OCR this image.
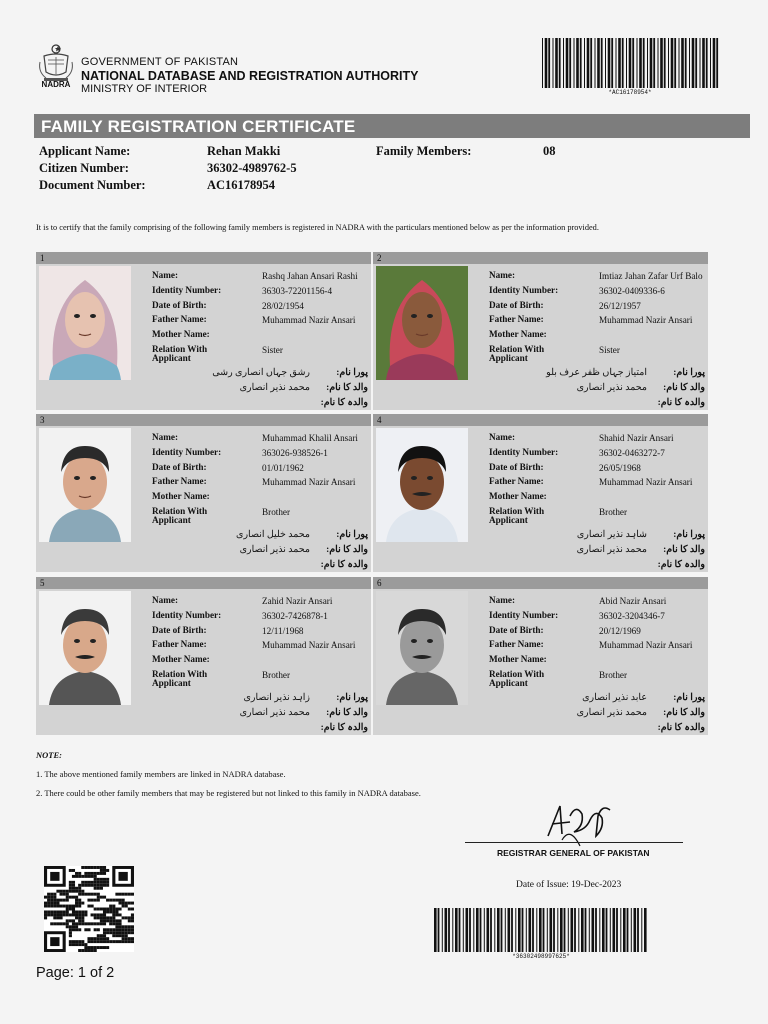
NADRA
GOVERNMENT OF PAKISTAN
NATIONAL DATABASE AND REGISTRATION AUTHORITY
MINISTRY OF INTERIOR	*AC16178954*
FAMILY REGISTRATION CERTIFICATE
Applicant Name:	Rehan Makki
Citizen Number:	36302-4989762-5
Document Number:	AC16178954
Family Members:	08
It is to certify that the family comprising of the following family members is registered in NADRA with the particulars mentioned below as per the information provided.
1
Name:	Rashq Jahan Ansari Rashi
Identity Number:	36303-72201156-4
Date of Birth:	28/02/1954
Father Name:	Muhammad Nazir Ansari
Mother Name:
Relation With Applicant
Sister
پورا نام:
رشق جہاں انصاری رشی
والد کا نام:
محمد نذیر انصاری
والدہ کا نام:
2
Name:	Imtiaz Jahan Zafar Urf Balo
Identity Number:	36302-0409336-6
Date of Birth:	26/12/1957
Father Name:	Muhammad Nazir Ansari
Mother Name:
Relation With Applicant
Sister
پورا نام:
امتیاز جہاں ظفر عرف بلو
والد کا نام:
محمد نذیر انصاری
والدہ کا نام:
3
Name:	Muhammad Khalil Ansari
Identity Number:	363026-938526-1
Date of Birth:	01/01/1962
Father Name:	Muhammad Nazir Ansari
Mother Name:
Relation With Applicant
Brother
پورا نام:
محمد خلیل انصاری
والد کا نام:
محمد نذیر انصاری
والدہ کا نام:
4
Name:	Shahid Nazir Ansari
Identity Number:	36302-0463272-7
Date of Birth:	26/05/1968
Father Name:	Muhammad Nazir Ansari
Mother Name:
Relation With Applicant
Brother
پورا نام:
شاہد نذیر انصاری
والد کا نام:
محمد نذیر انصاری
والدہ کا نام:
5
Name:	Zahid Nazir Ansari
Identity Number:	36302-7426878-1
Date of Birth:	12/11/1968
Father Name:	Muhammad Nazir Ansari
Mother Name:
Relation With Applicant
Brother
پورا نام:
زاہد نذیر انصاری
والد کا نام:
محمد نذیر انصاری
والدہ کا نام:
6
Name:	Abid Nazir Ansari
Identity Number:	36302-3204346-7
Date of Birth:	20/12/1969
Father Name:	Muhammad Nazir Ansari
Mother Name:
Relation With Applicant
Brother
پورا نام:
عابد نذیر انصاری
والد کا نام:
محمد نذیر انصاری
والدہ کا نام:
NOTE:
1. The above mentioned family members are linked in NADRA database.
2. There could be other family members that may be registered but not linked to this family in NADRA database.
REGISTRAR GENERAL OF PAKISTAN
Date of Issue: 19-Dec-2023
*36302498997625*
Page: 1 of 2
